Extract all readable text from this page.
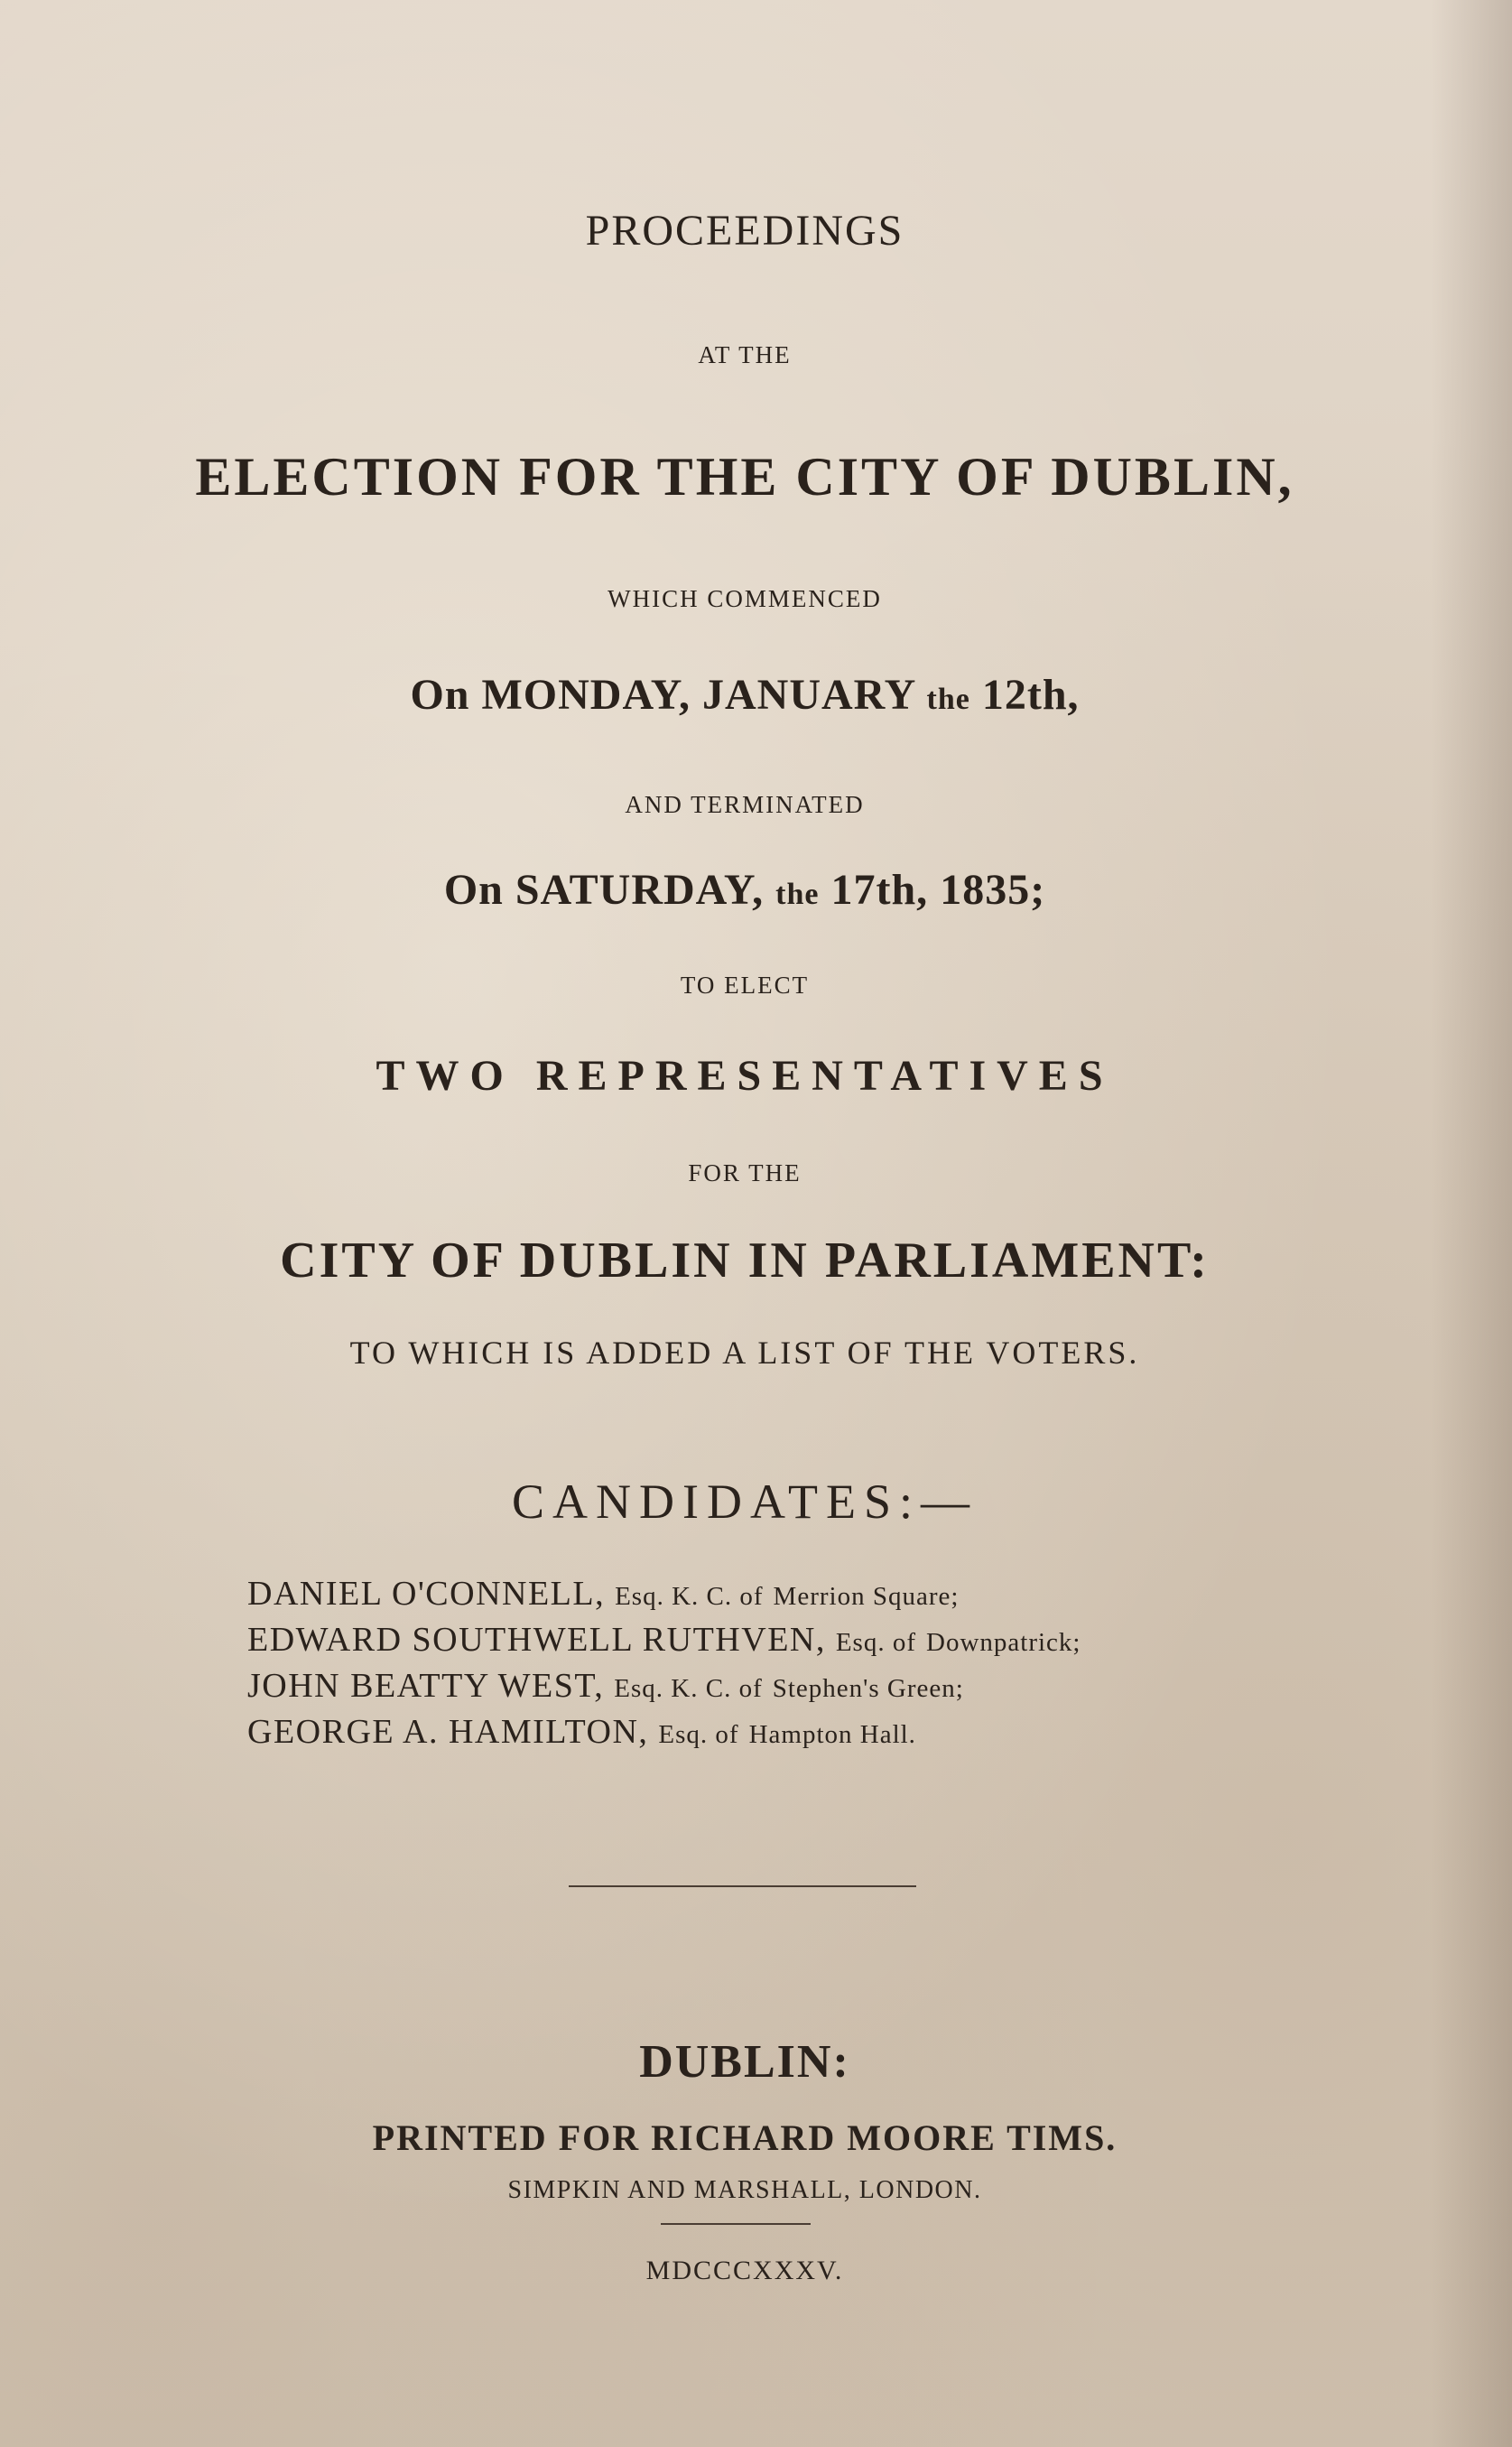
PROCEEDINGS
AT THE
ELECTION FOR THE CITY OF DUBLIN,
WHICH COMMENCED
On MONDAY, JANUARY the 12th,
AND TERMINATED
On SATURDAY, the 17th, 1835;
TO ELECT
TWO REPRESENTATIVES
FOR THE
CITY OF DUBLIN IN PARLIAMENT:
TO WHICH IS ADDED A LIST OF THE VOTERS.
CANDIDATES:—
DANIEL O'CONNELL, Esq. K. C. of Merrion Square;
EDWARD SOUTHWELL RUTHVEN, Esq. of Downpatrick;
JOHN BEATTY WEST, Esq. K. C. of Stephen's Green;
GEORGE A. HAMILTON, Esq. of Hampton Hall.
DUBLIN:
PRINTED FOR RICHARD MOORE TIMS.
SIMPKIN AND MARSHALL, LONDON.
MDCCCXXXV.
